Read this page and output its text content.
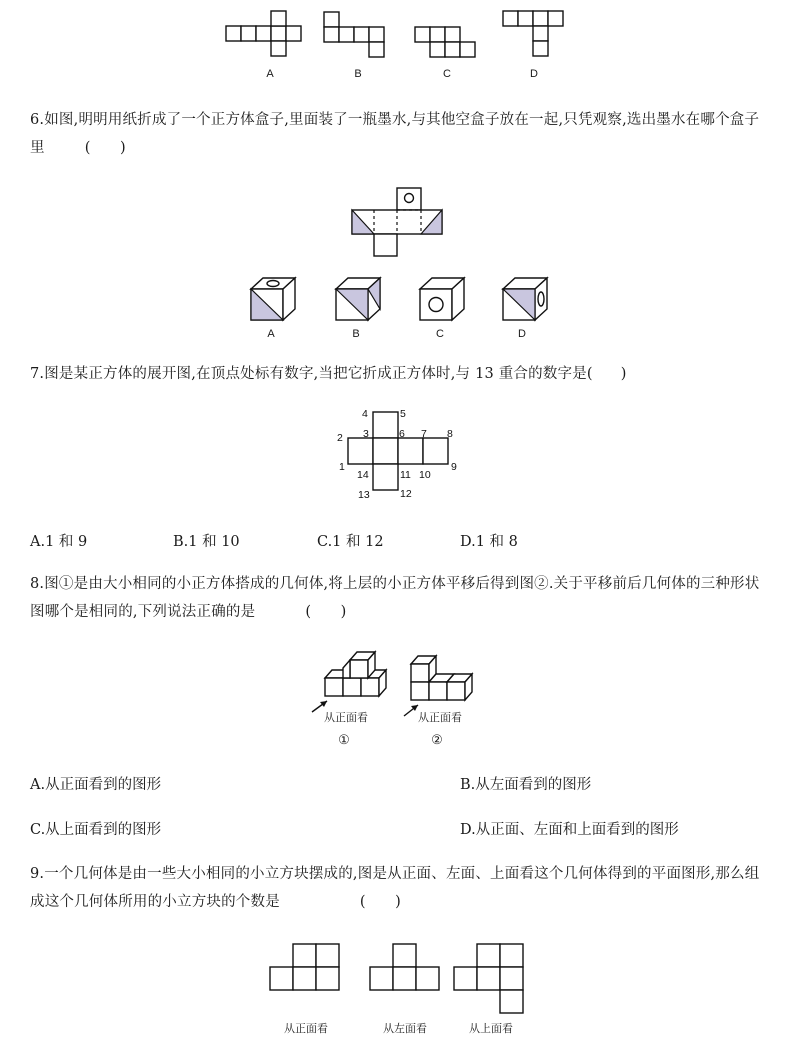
A	B	C	D
6.如图,明明用纸折成了一个正方体盒子,里面装了一瓶墨水,与其他空盒子放在一起,只凭观察,选出墨水在哪个盒子里	(　　)
A	B	C	D
7.图是某正方体的展开图,在顶点处标有数字,当把它折成正方体时,与 13 重合的数字是( )
4	5
3	6 7 8
2
1	9
14	11 10
13	12
A.1 和 9	B.1 和 10	C.1 和 12	D.1 和 8
8.图①是由大小相同的小正方体搭成的几何体,将上层的小正方体平移后得到图②.关于平移前后几何体的三种形状图哪个是相同的,下列说法正确的是	(　　)
从正面看
①
从正面看
②
A.从正面看到的图形	B.从左面看到的图形
C.从上面看到的图形	D.从正面、左面和上面看到的图形
9.一个几何体是由一些大小相同的小立方块摆成的,图是从正面、左面、上面看这个几何体得到的平面图形,那么组成这个几何体所用的小立方块的个数是	(　　)
从正面看	从左面看	从上面看
